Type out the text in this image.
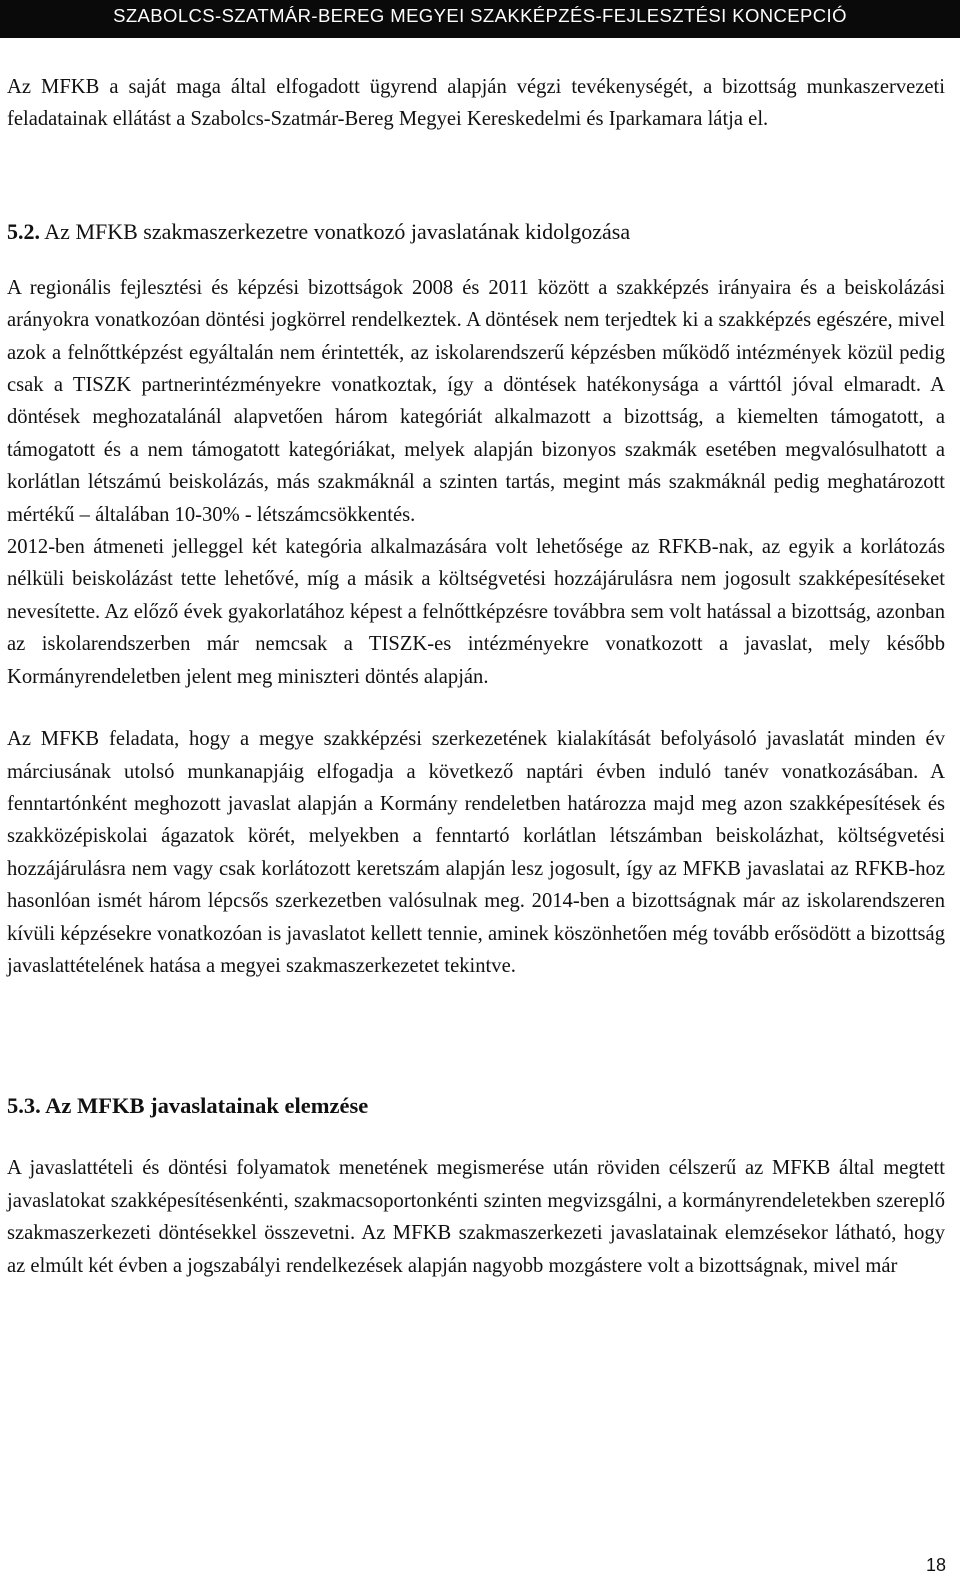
SZABOLCS-SZATMÁR-BEREG MEGYEI SZAKKÉPZÉS-FEJLESZTÉSI KONCEPCIÓ

Az MFKB a saját maga által elfogadott ügyrend alapján végzi tevékenységét, a bizottság munkaszervezeti feladatainak ellátást a Szabolcs-Szatmár-Bereg Megyei Kereskedelmi és Iparkamara látja el.

5.2. Az MFKB szakmaszerkezetre vonatkozó javaslatának kidolgozása

A regionális fejlesztési és képzési bizottságok 2008 és 2011 között a szakképzés irányaira és a beiskolázási arányokra vonatkozóan döntési jogkörrel rendelkeztek. A döntések nem terjedtek ki a szakképzés egészére, mivel azok a felnőttképzést egyáltalán nem érintették, az iskolarendszerű képzésben működő intézmények közül pedig csak a TISZK partnerintézményekre vonatkoztak, így a döntések hatékonysága a várttól jóval elmaradt. A döntések meghozatalánál alapvetően három kategóriát alkalmazott a bizottság, a kiemelten támogatott, a támogatott és a nem támogatott kategóriákat, melyek alapján bizonyos szakmák esetében megvalósulhatott a korlátlan létszámú beiskolázás, más szakmáknál a szinten tartás, megint más szakmáknál pedig meghatározott mértékű – általában 10-30% - létszámcsökkentés.

2012-ben átmeneti jelleggel két kategória alkalmazására volt lehetősége az RFKB-nak, az egyik a korlátozás nélküli beiskolázást tette lehetővé, míg a másik a költségvetési hozzájárulásra nem jogosult szakképesítéseket nevesítette. Az előző évek gyakorlatához képest a felnőttképzésre továbbra sem volt hatással a bizottság, azonban az iskolarendszerben már nemcsak a TISZK-es intézményekre vonatkozott a javaslat, mely később Kormányrendeletben jelent meg miniszteri döntés alapján.

Az MFKB feladata, hogy a megye szakképzési szerkezetének kialakítását befolyásoló javaslatát minden év márciusának utolsó munkanapjáig elfogadja a következő naptári évben induló tanév vonatkozásában. A fenntartónként meghozott javaslat alapján a Kormány rendeletben határozza majd meg azon szakképesítések és szakközépiskolai ágazatok körét, melyekben a fenntartó korlátlan létszámban beiskolázhat, költségvetési hozzájárulásra nem vagy csak korlátozott keretszám alapján lesz jogosult, így az MFKB javaslatai az RFKB-hoz hasonlóan ismét három lépcsős szerkezetben valósulnak meg. 2014-ben a bizottságnak már az iskolarendszeren kívüli képzésekre vonatkozóan is javaslatot kellett tennie, aminek köszönhetően még tovább erősödött a bizottság javaslattételének hatása a megyei szakmaszerkezetet tekintve.

5.3. Az MFKB javaslatainak elemzése

A javaslattételi és döntési folyamatok menetének megismerése után röviden célszerű az MFKB által megtett javaslatokat szakképesítésenkénti, szakmacsoportonkénti szinten megvizsgálni, a kormányrendeletekben szereplő szakmaszerkezeti döntésekkel összevetni. Az MFKB szakmaszerkezeti javaslatainak elemzésekor látható, hogy az elmúlt két évben a jogszabályi rendelkezések alapján nagyobb mozgástere volt a bizottságnak, mivel már

18
